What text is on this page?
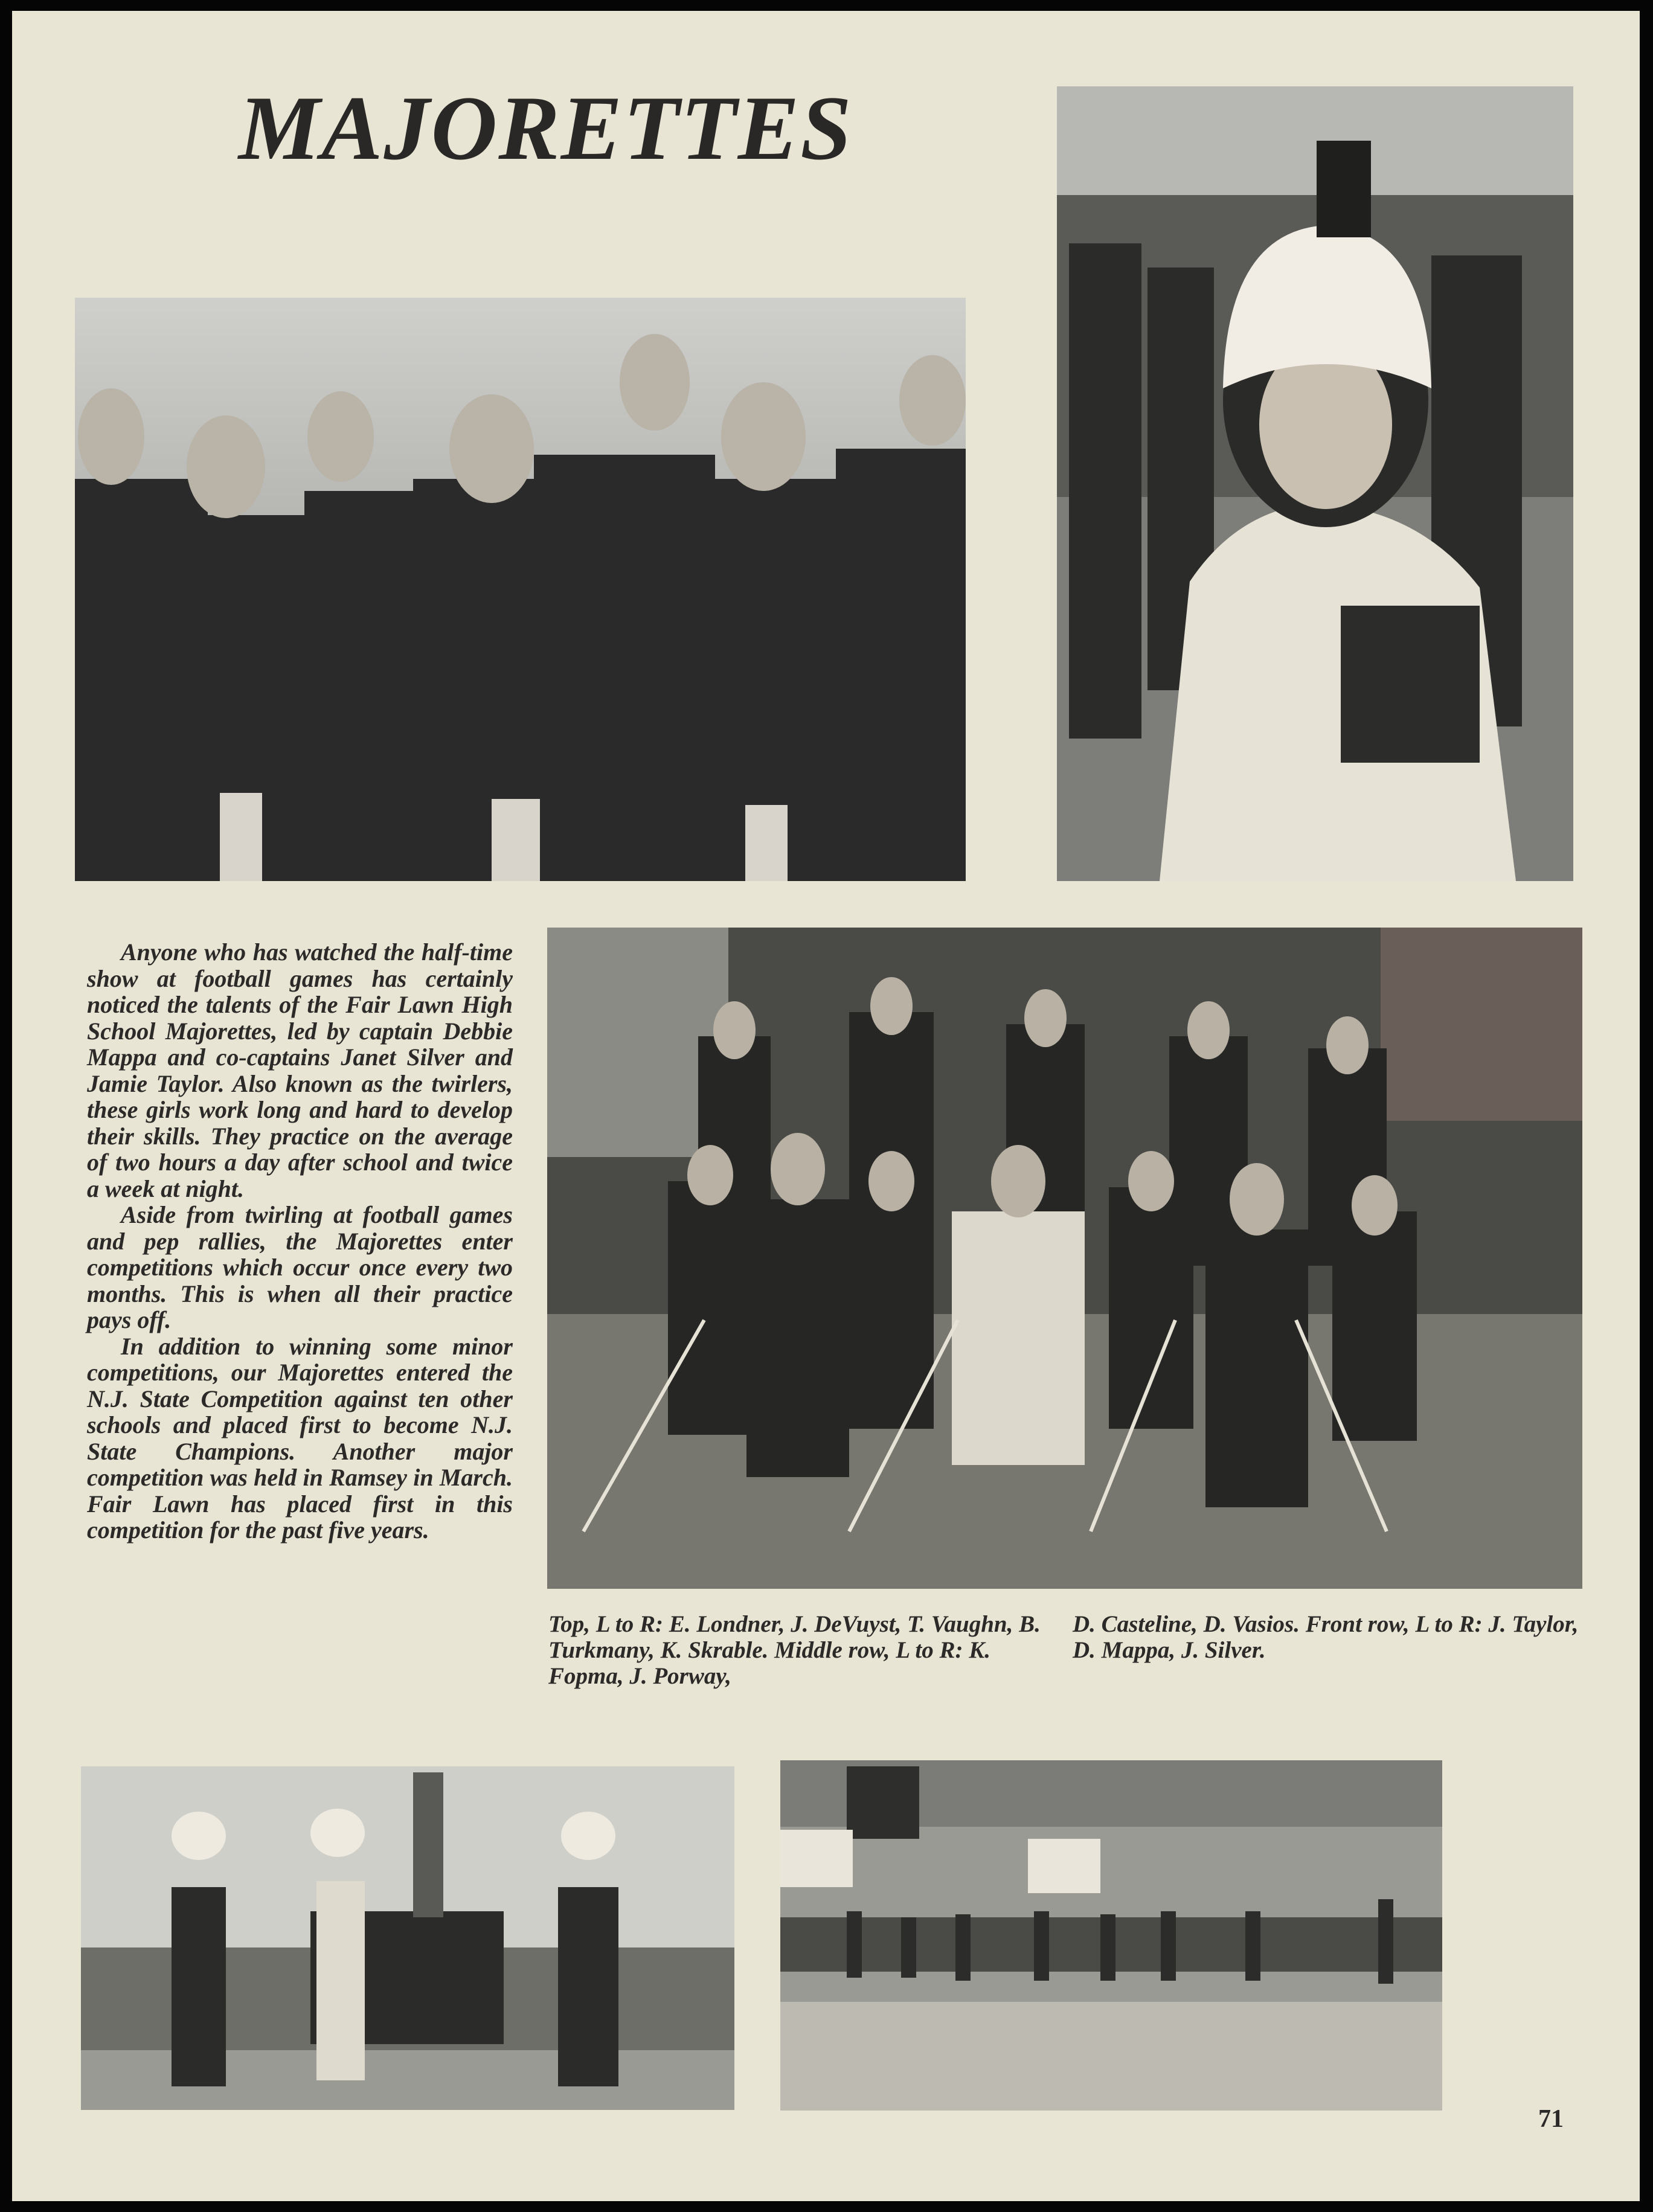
MAJORETTES

Anyone who has watched the half-time show at football games has certainly noticed the talents of the Fair Lawn High School Majorettes, led by captain Debbie Mappa and co-captains Janet Silver and Jamie Taylor. Also known as the twirlers, these girls work long and hard to develop their skills. They practice on the average of two hours a day after school and twice a week at night.

Aside from twirling at football games and pep rallies, the Majorettes enter competitions which occur once every two months. This is when all their practice pays off.

In addition to winning some minor competitions, our Majorettes entered the N.J. State Competition against ten other schools and placed first to become N.J. State Champions. Another major competition was held in Ramsey in March. Fair Lawn has placed first in this competition for the past five years.

Top, L to R: E. Londner, J. DeVuyst, T. Vaughn, B. Turkmany, K. Skrable. Middle row, L to R: K. Fopma, J. Porway,
D. Casteline, D. Vasios. Front row, L to R: J. Taylor, D. Mappa, J. Silver.
71
